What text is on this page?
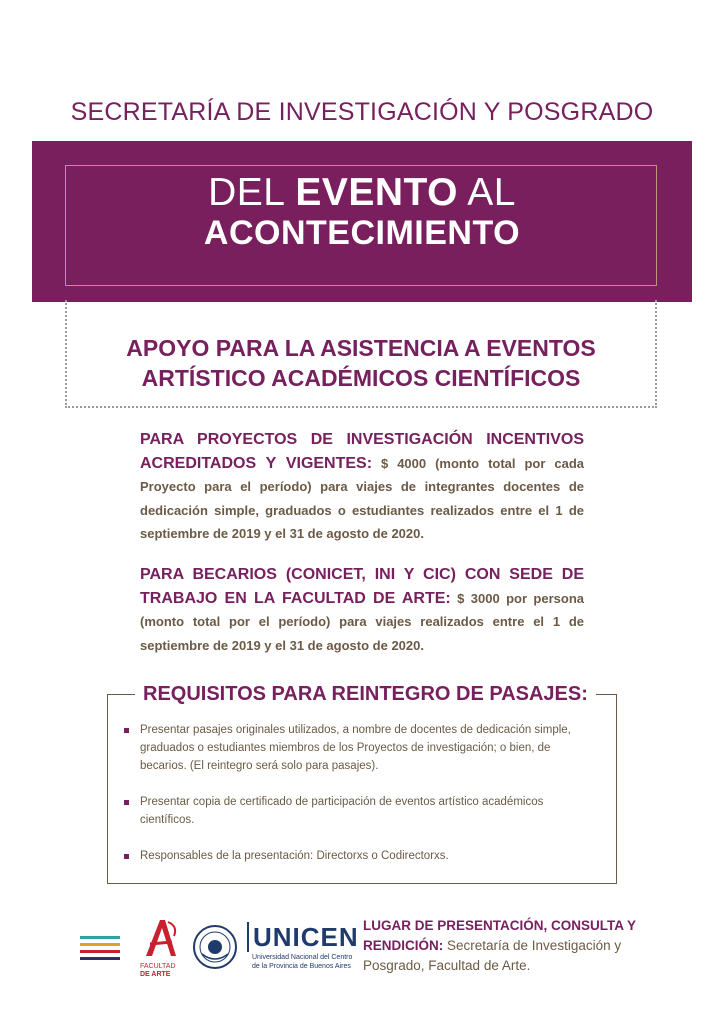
SECRETARÍA DE INVESTIGACIÓN Y POSGRADO
DEL EVENTO AL
ACONTECIMIENTO
APOYO PARA LA ASISTENCIA A EVENTOS
ARTÍSTICO ACADÉMICOS CIENTÍFICOS
PARA PROYECTOS DE INVESTIGACIÓN INCENTIVOS ACREDITADOS Y VIGENTES: $ 4000 (monto total por cada Proyecto para el período) para viajes de integrantes docentes de dedicación simple, graduados o estudiantes realizados entre el 1 de septiembre de 2019 y el 31 de agosto de 2020.
PARA BECARIOS (CONICET, INI Y CIC) CON SEDE DE TRABAJO EN LA FACULTAD DE ARTE: $ 3000 por persona (monto total por el período) para viajes realizados entre el 1 de septiembre de 2019 y el 31 de agosto de 2020.
REQUISITOS PARA REINTEGRO DE PASAJES:
Presentar pasajes originales utilizados, a nombre de docentes de dedicación simple, graduados o estudiantes miembros de los Proyectos de investigación; o bien, de becarios. (El reintegro será solo para pasajes).
Presentar copia de certificado de participación de eventos artístico académicos científicos.
Responsables de la presentación: Directorxs o Codirectorxs.
FACULTAD
DE ARTE
UNICEN
Universidad Nacional del Centro de la Provincia de Buenos Aires
LUGAR DE PRESENTACIÓN, CONSULTA Y RENDICIÓN: Secretaría de Investigación y Posgrado, Facultad de Arte.
